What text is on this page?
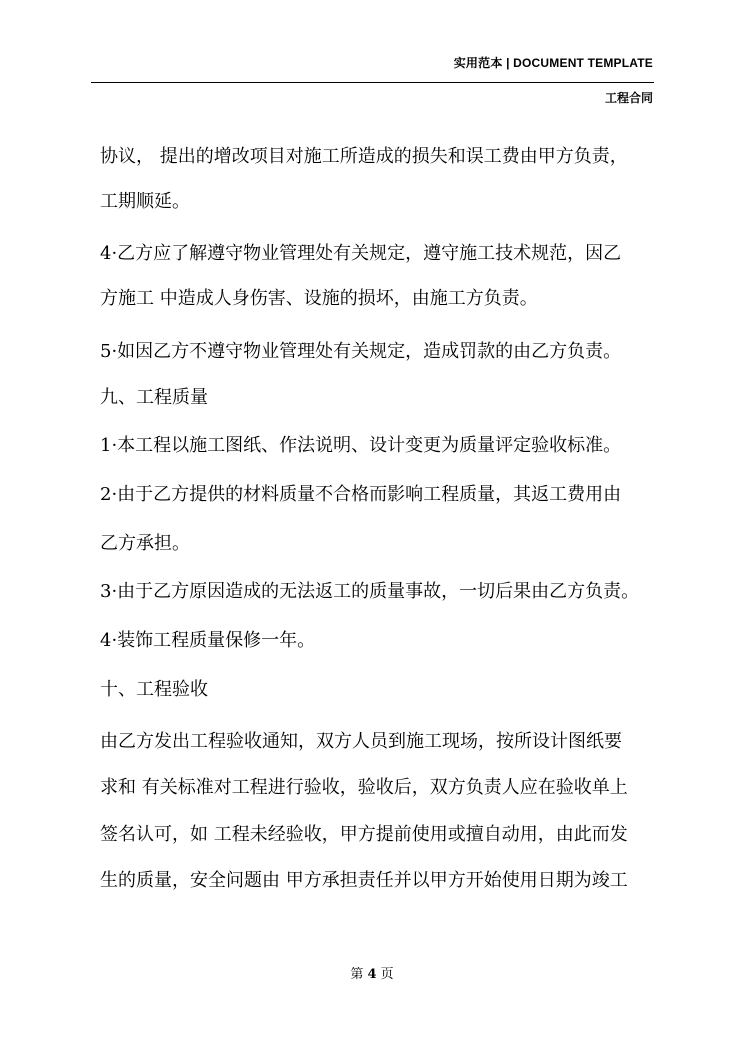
实用范本 | DOCUMENT TEMPLATE
工程合同
协议， 提出的增改项目对施工所造成的损失和误工费由甲方负责，
工期顺延。
4·乙方应了解遵守物业管理处有关规定，遵守施工技术规范，因乙
方施工 中造成人身伤害、设施的损坏，由施工方负责。
5·如因乙方不遵守物业管理处有关规定，造成罚款的由乙方负责。
九、工程质量
1·本工程以施工图纸、作法说明、设计变更为质量评定验收标准。
2·由于乙方提供的材料质量不合格而影响工程质量，其返工费用由
乙方承担。
3·由于乙方原因造成的无法返工的质量事故，一切后果由乙方负责。
4·装饰工程质量保修一年。
十、工程验收
由乙方发出工程验收通知，双方人员到施工现场，按所设计图纸要
求和 有关标准对工程进行验收，验收后，双方负责人应在验收单上
签名认可，如 工程未经验收，甲方提前使用或擅自动用，由此而发
生的质量，安全问题由 甲方承担责任并以甲方开始使用日期为竣工
第 4 页
